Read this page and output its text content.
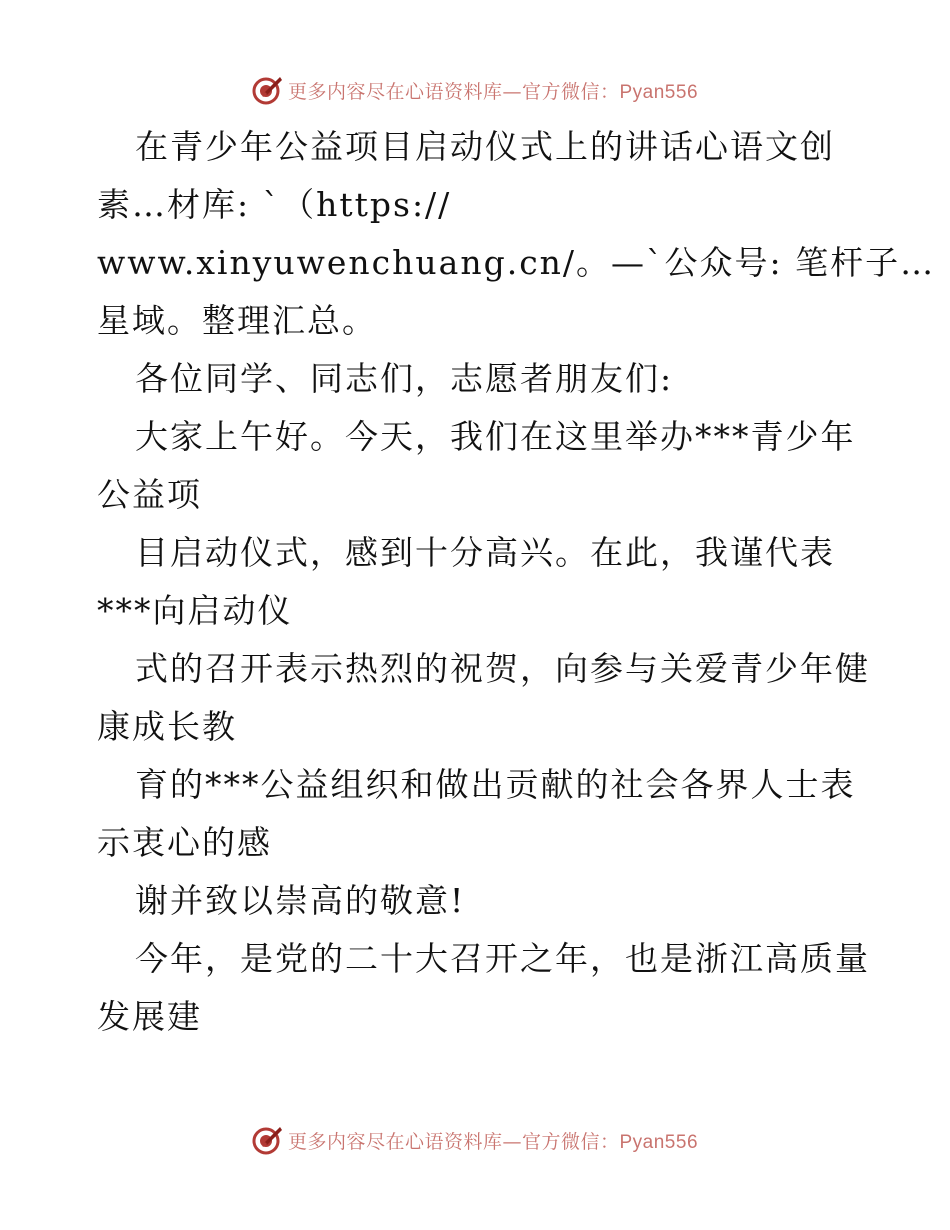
更多内容尽在心语资料库—官方微信：Pyan556
在青少年公益项目启动仪式上的讲话心语文创
素…材库: `（https://
www.xinyuwenchuang.cn/。—`公众号: 笔杆子…
星域。整理汇总。
各位同学、同志们，志愿者朋友们:
大家上午好。今天，我们在这里举办***青少年
公益项
目启动仪式，感到十分高兴。在此，我谨代表
***向启动仪
式的召开表示热烈的祝贺，向参与关爱青少年健
康成长教
育的***公益组织和做出贡献的社会各界人士表
示衷心的感
谢并致以崇高的敬意!
今年，是党的二十大召开之年，也是浙江高质量
发展建
更多内容尽在心语资料库—官方微信：Pyan556
